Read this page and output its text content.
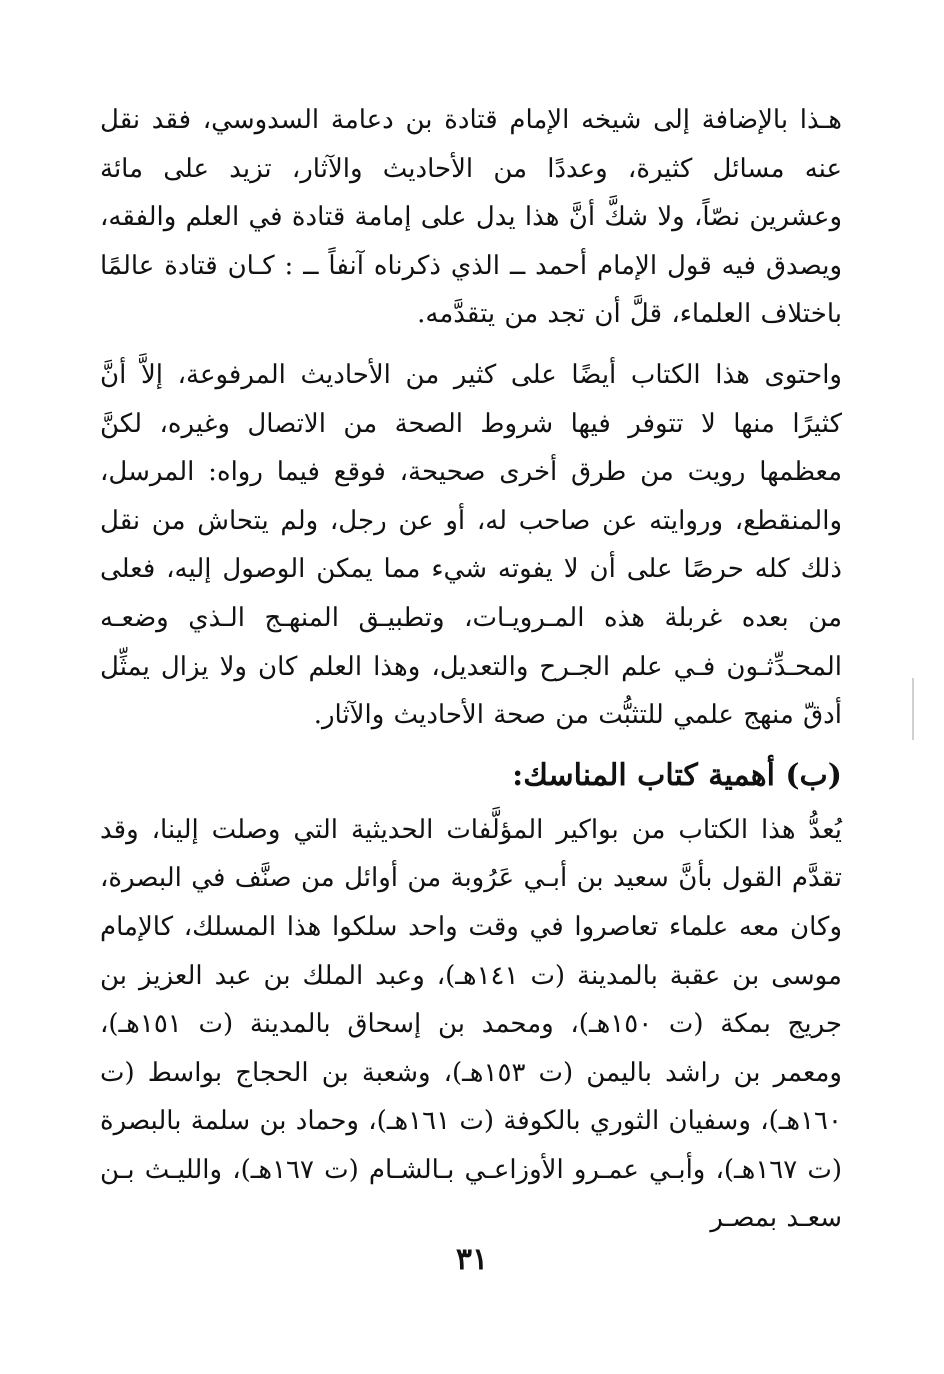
هـذا بالإضافة إلى شيخه الإمام قتادة بن دعامة السدوسي، فقد نقل عنه مسائل كثيرة، وعددًا من الأحاديث والآثار، تزيد على مائة وعشرين نصّاً، ولا شكَّ أنَّ هذا يدل على إمامة قتادة في العلم والفقه، ويصدق فيه قول الإمام أحمد ــ الذي ذكرناه آنفاً ــ : كـان قتادة عالمًا باختلاف العلماء، قلَّ أن تجد من يتقدَّمه.

واحتوى هذا الكتاب أيضًا على كثير من الأحاديث المرفوعة، إلاَّ أنَّ كثيرًا منها لا تتوفر فيها شروط الصحة من الاتصال وغيره، لكنَّ معظمها رويت من طرق أخرى صحيحة، فوقع فيما رواه: المرسل، والمنقطع، وروايته عن صاحب له، أو عن رجل، ولم يتحاش من نقل ذلك كله حرصًا على أن لا يفوته شيء مما يمكن الوصول إليه، فعلى من بعده غربلة هذه المـرويـات، وتطبيـق المنهـج الـذي وضعـه المحـدِّثـون فـي علم الجـرح والتعديل، وهذا العلم كان ولا يزال يمثِّل أدقّ منهج علمي للتثبُّت من صحة الأحاديث والآثار.

(ب) أهمية كتاب المناسك:

يُعدُّ هذا الكتاب من بواكير المؤلَّفات الحديثية التي وصلت إلينا، وقد تقدَّم القول بأنَّ سعيد بن أبـي عَرُوبة من أوائل من صنَّف في البصرة، وكان معه علماء تعاصروا في وقت واحد سلكوا هذا المسلك، كالإمام موسى بن عقبة بالمدينة (ت ١٤١هـ)، وعبد الملك بن عبد العزيز بن جريج بمكة (ت ١٥٠هـ)، ومحمد بن إسحاق بالمدينة (ت ١٥١هـ)، ومعمر بن راشد باليمن (ت ١٥٣هـ)، وشعبة بن الحجاج بواسط (ت ١٦٠هـ)، وسفيان الثوري بالكوفة (ت ١٦١هـ)، وحماد بن سلمة بالبصرة (ت ١٦٧هـ)، وأبـي عمـرو الأوزاعـي بـالشـام (ت ١٦٧هـ)، والليـث بـن سعـد بمصـر

٣١
